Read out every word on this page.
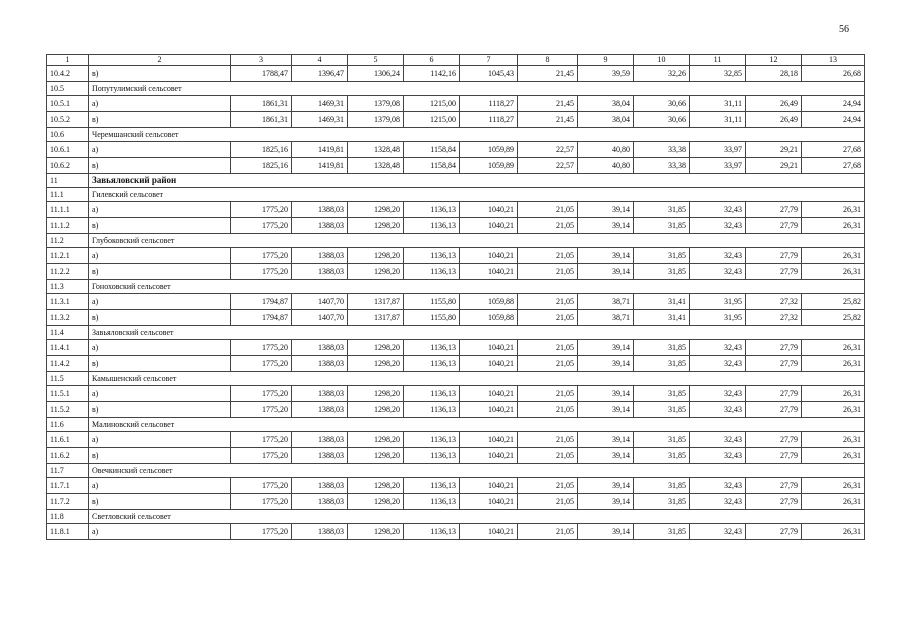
56
1	2	3	4	5	6	7	8	9	10	11	12	13
10.4.2	в)	1788,47	1396,47	1306,24	1142,16	1045,43	21,45	39,59	32,26	32,85	28,18	26,68
10.5	Попутулимский сельсовет											
10.5.1	а)	1861,31	1469,31	1379,08	1215,00	1118,27	21,45	38,04	30,66	31,11	26,49	24,94
10.5.2	в)	1861,31	1469,31	1379,08	1215,00	1118,27	21,45	38,04	30,66	31,11	26,49	24,94
10.6	Черемшанский сельсовет											
10.6.1	а)	1825,16	1419,81	1328,48	1158,84	1059,89	22,57	40,80	33,38	33,97	29,21	27,68
10.6.2	в)	1825,16	1419,81	1328,48	1158,84	1059,89	22,57	40,80	33,38	33,97	29,21	27,68
11	Завьяловский район											
11.1	Гилевский сельсовет											
11.1.1	а)	1775,20	1388,03	1298,20	1136,13	1040,21	21,05	39,14	31,85	32,43	27,79	26,31
11.1.2	в)	1775,20	1388,03	1298,20	1136,13	1040,21	21,05	39,14	31,85	32,43	27,79	26,31
11.2	Глубоковский сельсовет											
11.2.1	а)	1775,20	1388,03	1298,20	1136,13	1040,21	21,05	39,14	31,85	32,43	27,79	26,31
11.2.2	в)	1775,20	1388,03	1298,20	1136,13	1040,21	21,05	39,14	31,85	32,43	27,79	26,31
11.3	Гоноховский сельсовет											
11.3.1	а)	1794,87	1407,70	1317,87	1155,80	1059,88	21,05	38,71	31,41	31,95	27,32	25,82
11.3.2	в)	1794,87	1407,70	1317,87	1155,80	1059,88	21,05	38,71	31,41	31,95	27,32	25,82
11.4	Завьяловский сельсовет											
11.4.1	а)	1775,20	1388,03	1298,20	1136,13	1040,21	21,05	39,14	31,85	32,43	27,79	26,31
11.4.2	в)	1775,20	1388,03	1298,20	1136,13	1040,21	21,05	39,14	31,85	32,43	27,79	26,31
11.5	Камышенский сельсовет											
11.5.1	а)	1775,20	1388,03	1298,20	1136,13	1040,21	21,05	39,14	31,85	32,43	27,79	26,31
11.5.2	в)	1775,20	1388,03	1298,20	1136,13	1040,21	21,05	39,14	31,85	32,43	27,79	26,31
11.6	Малиновский сельсовет											
11.6.1	а)	1775,20	1388,03	1298,20	1136,13	1040,21	21,05	39,14	31,85	32,43	27,79	26,31
11.6.2	в)	1775,20	1388,03	1298,20	1136,13	1040,21	21,05	39,14	31,85	32,43	27,79	26,31
11.7	Овечкинский сельсовет											
11.7.1	а)	1775,20	1388,03	1298,20	1136,13	1040,21	21,05	39,14	31,85	32,43	27,79	26,31
11.7.2	в)	1775,20	1388,03	1298,20	1136,13	1040,21	21,05	39,14	31,85	32,43	27,79	26,31
11.8	Светловский сельсовет											
11.8.1	а)	1775,20	1388,03	1298,20	1136,13	1040,21	21,05	39,14	31,85	32,43	27,79	26,31
